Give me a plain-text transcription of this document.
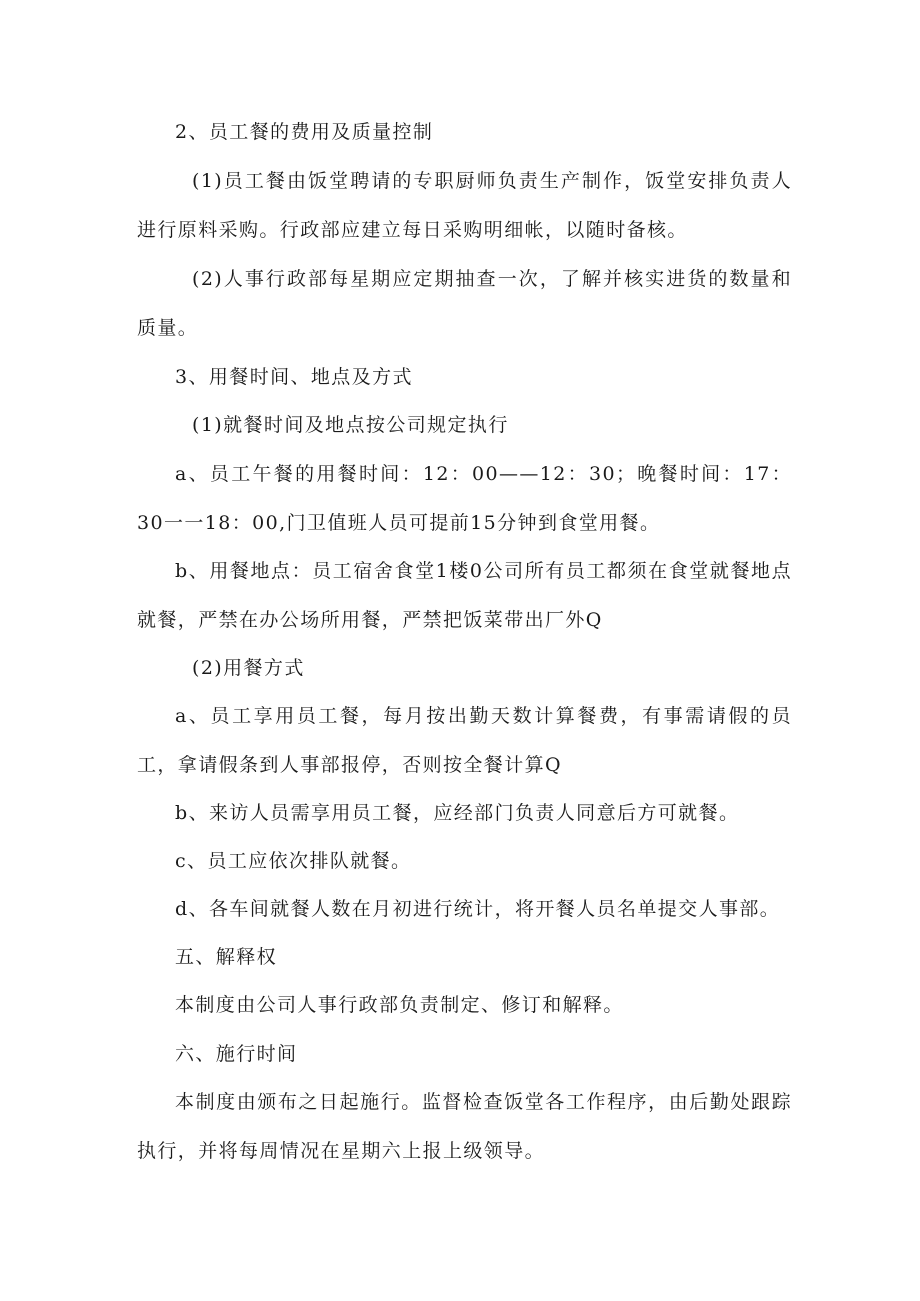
2、员工餐的费用及质量控制

(1)员工餐由饭堂聘请的专职厨师负责生产制作，饭堂安排负责人进行原料采购。行政部应建立每日采购明细帐，以随时备核。

(2)人事行政部每星期应定期抽查一次，了解并核实进货的数量和质量。

3、用餐时间、地点及方式

(1)就餐时间及地点按公司规定执行

a、员工午餐的用餐时间：12：00——12：30；晚餐时间：17：30一一18：00,门卫值班人员可提前15分钟到食堂用餐。

b、用餐地点：员工宿舍食堂1楼0公司所有员工都须在食堂就餐地点就餐，严禁在办公场所用餐，严禁把饭菜带出厂外Q

(2)用餐方式

a、员工享用员工餐，每月按出勤天数计算餐费，有事需请假的员工，拿请假条到人事部报停，否则按全餐计算Q

b、来访人员需享用员工餐，应经部门负责人同意后方可就餐。

c、员工应依次排队就餐。

d、各车间就餐人数在月初进行统计，将开餐人员名单提交人事部。

五、解释权

本制度由公司人事行政部负责制定、修订和解释。

六、施行时间

本制度由颁布之日起施行。监督检查饭堂各工作程序，由后勤处跟踪执行，并将每周情况在星期六上报上级领导。
